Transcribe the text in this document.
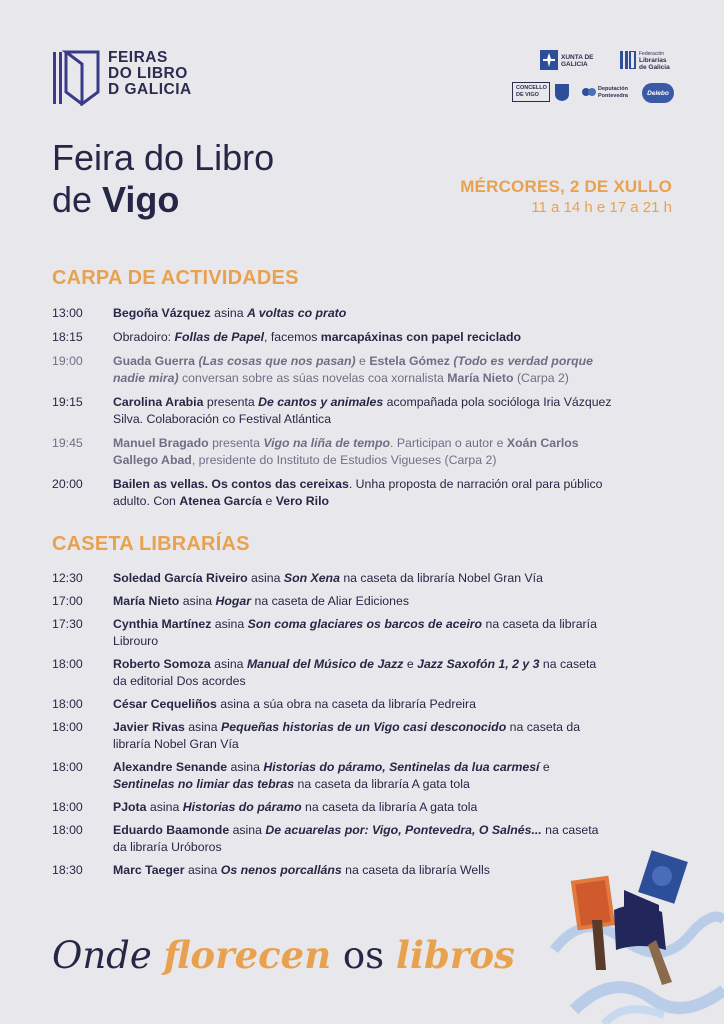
FEIRAS
DO LIBRO
D GALICIA
XUNTA DE GALICIA
Federación
Librarías de Galicia
CONCELLO DE VIGO
Deputación Pontevedra	Delebo
Feira do Libro
de Vigo	MÉRCORES, 2 DE XULLO
11 a 14 h e 17 a 21 h
CARPA DE ACTIVIDADES
13:00	Begoña Vázquez asina A voltas co prato
18:15	Obradoiro: Follas de Papel, facemos marcapáxinas con papel reciclado
19:00	Guada Guerra (Las cosas que nos pasan) e Estela Gómez (Todo es verdad porque nadie mira) conversan sobre as súas novelas coa xornalista María Nieto (Carpa 2)
19:15	Carolina Arabia presenta De cantos y animales acompañada pola socióloga Iria Vázquez Silva. Colaboración co Festival Atlántica
19:45	Manuel Bragado presenta Vigo na liña de tempo. Participan o autor e Xoán Carlos Gallego Abad, presidente do Instituto de Estudios Vigueses (Carpa 2)
20:00	Bailen as vellas. Os contos das cereixas. Unha proposta de narración oral para público adulto. Con Atenea García e Vero Rilo
CASETA LIBRARÍAS
12:30	Soledad García Riveiro asina Son Xena na caseta da libraría Nobel Gran Vía
17:00	María Nieto asina Hogar na caseta de Aliar Ediciones
17:30	Cynthia Martínez asina Son coma glaciares os barcos de aceiro na caseta da libraría Librouro
18:00	Roberto Somoza asina Manual del Músico de Jazz e Jazz Saxofón 1, 2 y 3 na caseta da editorial Dos acordes
18:00	César Cequeliños asina a súa obra na caseta da libraría Pedreira
18:00	Javier Rivas asina Pequeñas historias de un Vigo casi desconocido na caseta da libraría Nobel Gran Vía
18:00	Alexandre Senande asina Historias do páramo, Sentinelas da lua carmesí e Sentinelas no limiar das tebras na caseta da libraría A gata tola
18:00	PJota asina Historias do páramo na caseta da libraría A gata tola
18:00	Eduardo Baamonde asina De acuarelas por: Vigo, Pontevedra, O Salnés... na caseta da libraría Uróboros
18:30	Marc Taeger asina Os nenos porcalláns na caseta da libraría Wells
Onde florecen os libros
